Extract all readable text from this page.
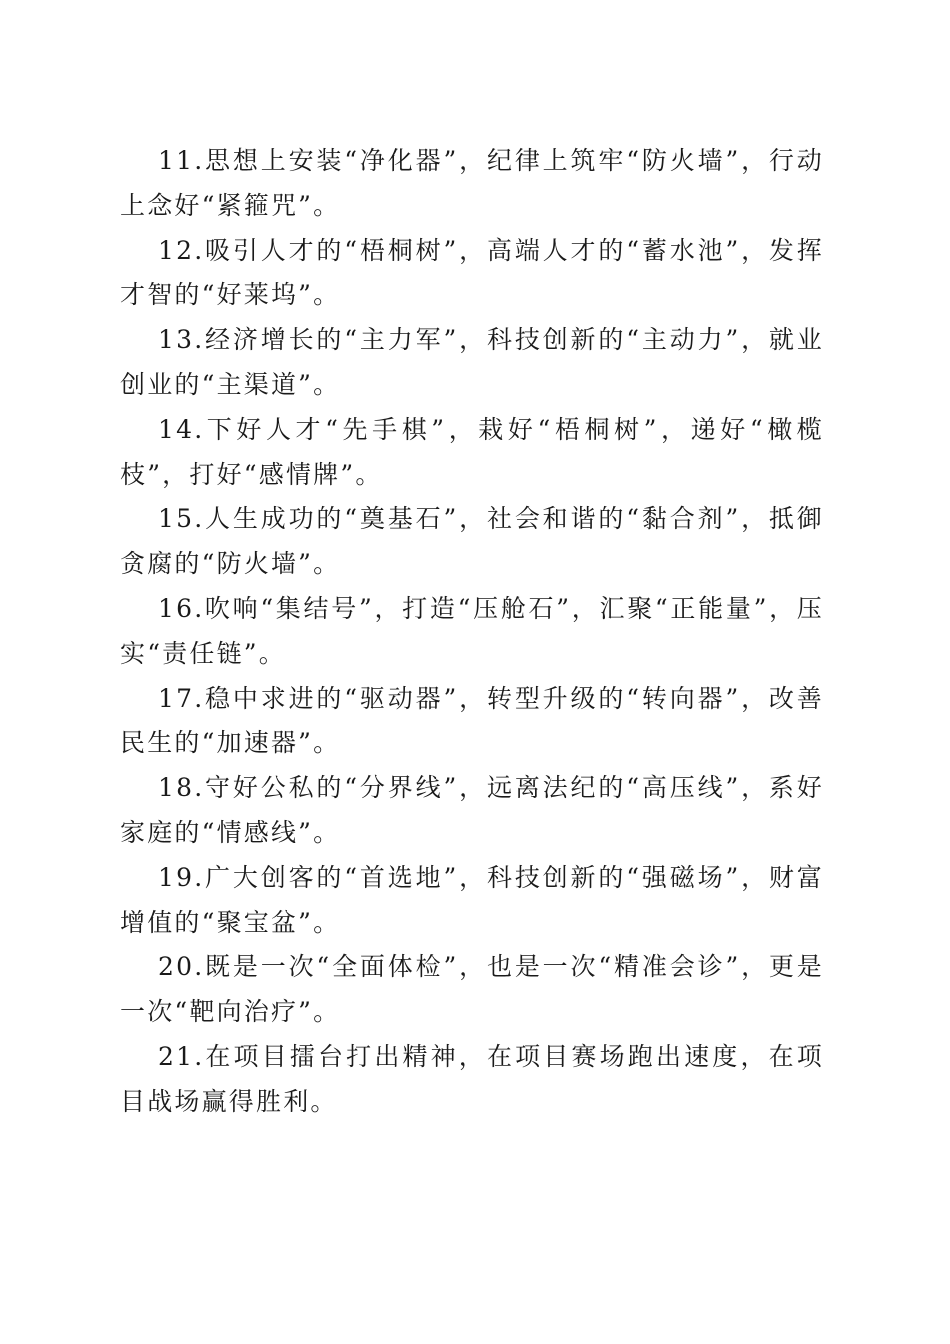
11.思想上安装“净化器”，纪律上筑牢“防火墙”，行动上念好“紧箍咒”。

12.吸引人才的“梧桐树”，高端人才的“蓄水池”，发挥才智的“好莱坞”。

13.经济增长的“主力军”，科技创新的“主动力”，就业创业的“主渠道”。

14.下好人才“先手棋”，栽好“梧桐树”，递好“橄榄枝”，打好“感情牌”。

15.人生成功的“奠基石”，社会和谐的“黏合剂”，抵御贪腐的“防火墙”。

16.吹响“集结号”，打造“压舱石”，汇聚“正能量”，压实“责任链”。

17.稳中求进的“驱动器”，转型升级的“转向器”，改善民生的“加速器”。

18.守好公私的“分界线”，远离法纪的“高压线”，系好家庭的“情感线”。

19.广大创客的“首选地”，科技创新的“强磁场”，财富增值的“聚宝盆”。

20.既是一次“全面体检”，也是一次“精准会诊”，更是一次“靶向治疗”。

21.在项目擂台打出精神，在项目赛场跑出速度，在项目战场赢得胜利。
